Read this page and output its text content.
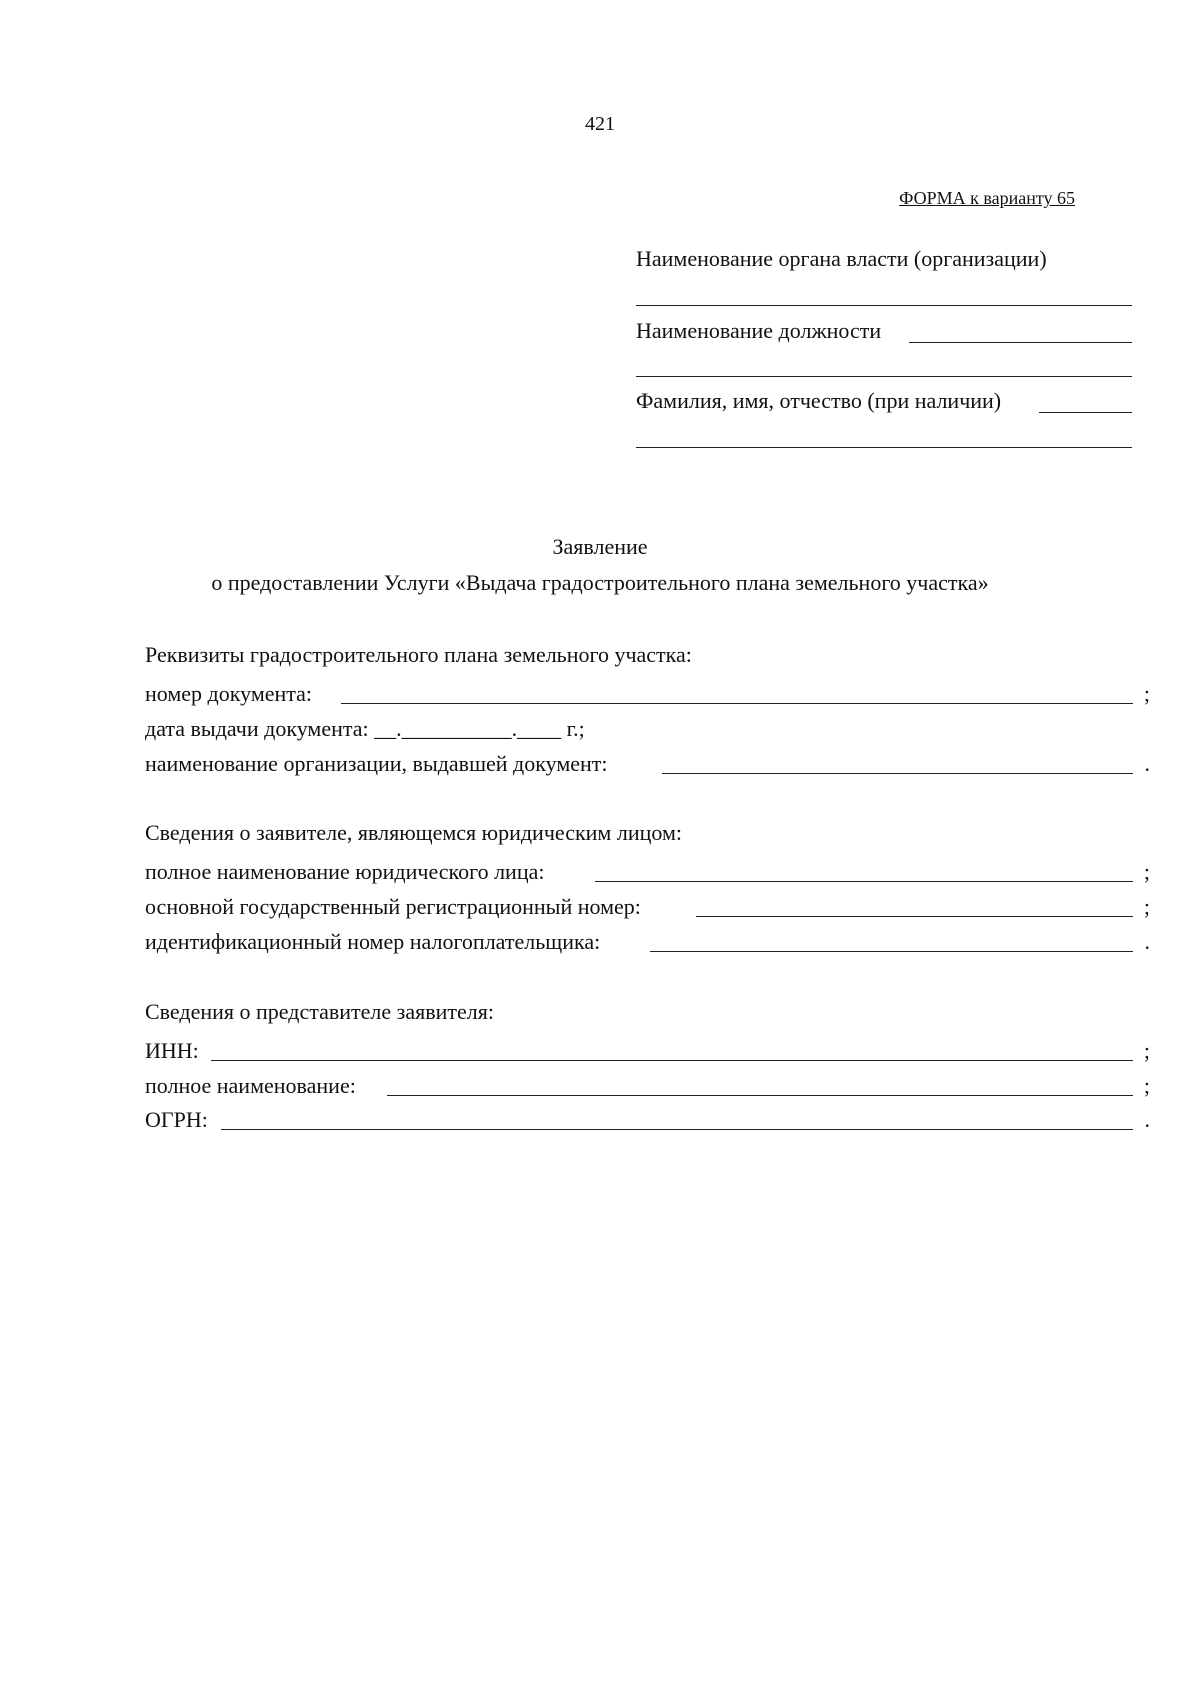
421
ФОРМА к варианту 65
Наименование органа власти (организации)
Наименование должности
Фамилия, имя, отчество (при наличии)
Заявление
о предоставлении Услуги «Выдача градостроительного плана земельного участка»
Реквизиты градостроительного плана земельного участка:
номер документа:	;
дата выдачи документа: __.__________.____ г.;
наименование организации, выдавшей документ:	.
Сведения о заявителе, являющемся юридическим лицом:
полное наименование юридического лица:	;
основной государственный регистрационный номер:	;
идентификационный номер налогоплательщика:	.
Сведения о представителе заявителя:
ИНН:	;
полное наименование:	;
ОГРН:	.
